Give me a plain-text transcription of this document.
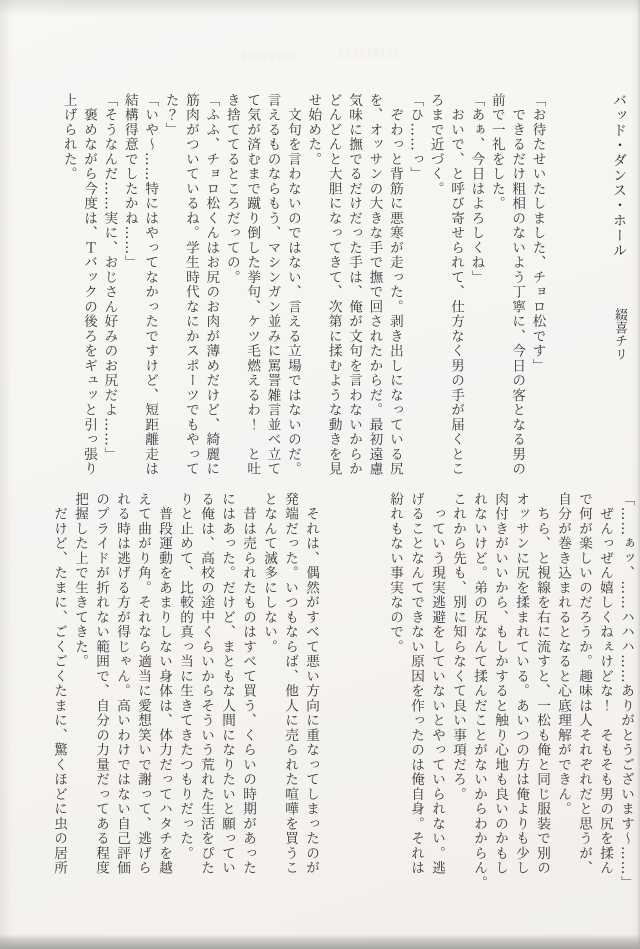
バッド・ダンス・ホール綴喜チリ
「お待たせいたしました、チョロ松です」
　できるだけ粗相のないよう丁寧に、今日の客となる男の
前で一礼をした。
「あぁ、今日はよろしくね」
　おいで、と呼び寄せられて、仕方なく男の手が届くとこ
ろまで近づく。
「ひ……っ」
　ぞわっと背筋に悪寒が走った。剥き出しになっている尻
を、オッサンの大きな手で撫で回されたからだ。最初遠慮
気味に撫でるだけだった手は、俺が文句を言わないからか
どんどんと大胆になってきて、次第に揉むような動きを見
せ始めた。
　文句を言わないのではない、言える立場ではないのだ。
言えるものならもう、マシンガン並みに罵詈雑言並べ立て
て気が済むまで蹴り倒した挙句、ケツ毛燃えるわ！　と吐
き捨ててるところだっての。
「ふふ、チョロ松くんはお尻のお肉が薄めだけど、綺麗に
筋肉がついているね。学生時代なにかスポーツでもやって
た？」
「いや〜……特にはやってなかったですけど、短距離走は
結構得意でしたかね……」
「そうなんだ……実に、おじさん好みのお尻だよ……」
　褒めながら今度は、Ｔバックの後ろをギュッと引っ張り
上げられた。
「……ぁッ、……ハハハ……ありがとうございます〜……」
　ぜんっぜん嬉しくねぇけどな！　そもそも男の尻を揉ん
で何が楽しいのだろうか。趣味は人それぞれだと思うが、
自分が巻き込まれるとなると心底理解ができん。
　ちら、と視線を右に流すと、一松も俺と同じ服装で別の
オッサンに尻を揉まれている。あいつの方は俺よりも少し
肉付きがいいから、もしかすると触り心地も良いのかもし
れないけど。弟の尻なんて揉んだことがないからわからん。
これから先も、別に知らなくて良い事項だろ。
　っていう現実逃避をしていないとやっていられない。逃
げることなんてできない原因を作ったのは俺自身。それは
紛れもない事実なので。
　それは、偶然がすべて悪い方向に重なってしまったのが
発端だった。いつもならば、他人に売られた喧嘩を買うこ
となんて滅多にしない。
　昔は売られたものはすべて買う、くらいの時期があった
にはあった。だけど、まともな人間になりたいと願ってい
る俺は、高校の途中くらいからそういう荒れた生活をぴた
りと止めて、比較的真っ当に生きてきたつもりだった。
　普段運動をあまりしない身体は、体力だってハタチを越
えて曲がり角。それなら適当に愛想笑いで謝って、逃げら
れる時は逃げる方が得じゃん。高いわけではない自己評価
のプライドが折れない範囲で、自分の力量だってある程度
把握した上で生きてきた。
　だけど、たまに、ごくごくたまに、驚くほどに虫の居所
